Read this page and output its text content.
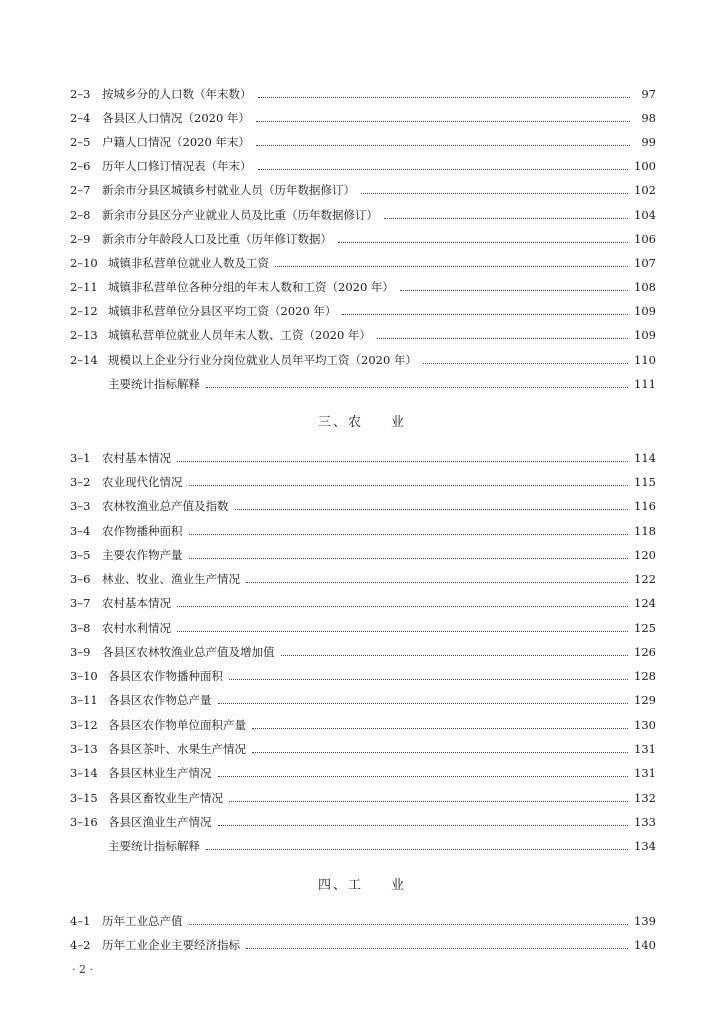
2–3	按城乡分的人口数（年末数）	97
2–4	各县区人口情况（2020 年）	98
2–5	户籍人口情况（2020 年末）	99
2–6	历年人口修订情况表（年末）	100
2–7	新余市分县区城镇乡村就业人员（历年数据修订）	102
2–8	新余市分县区分产业就业人员及比重（历年数据修订）	104
2–9	新余市分年龄段人口及比重（历年修订数据）	106
2–10 城镇非私营单位就业人数及工资	107
2–11 城镇非私营单位各种分组的年末人数和工资（2020 年）	108
2–12 城镇非私营单位分县区平均工资（2020 年）	109
2–13 城镇私营单位就业人员年末人数、工资（2020 年）	109
2–14 规模以上企业分行业分岗位就业人员年平均工资（2020 年）	110
主要统计指标解释	111
三、农 业
3–1	农村基本情况	114
3–2	农业现代化情况	115
3–3	农林牧渔业总产值及指数	116
3–4	农作物播种面积	118
3–5	主要农作物产量	120
3–6	林业、牧业、渔业生产情况	122
3–7	农村基本情况	124
3–8	农村水利情况	125
3–9	各县区农林牧渔业总产值及增加值	126
3–10 各县区农作物播种面积	128
3–11 各县区农作物总产量	129
3–12 各县区农作物单位面积产量	130
3–13 各县区茶叶、水果生产情况	131
3–14 各县区林业生产情况	131
3–15 各县区畜牧业生产情况	132
3–16 各县区渔业生产情况	133
主要统计指标解释	134
四、工 业
4–1	历年工业总产值	139
4–2	历年工业企业主要经济指标	140
· 2 ·
